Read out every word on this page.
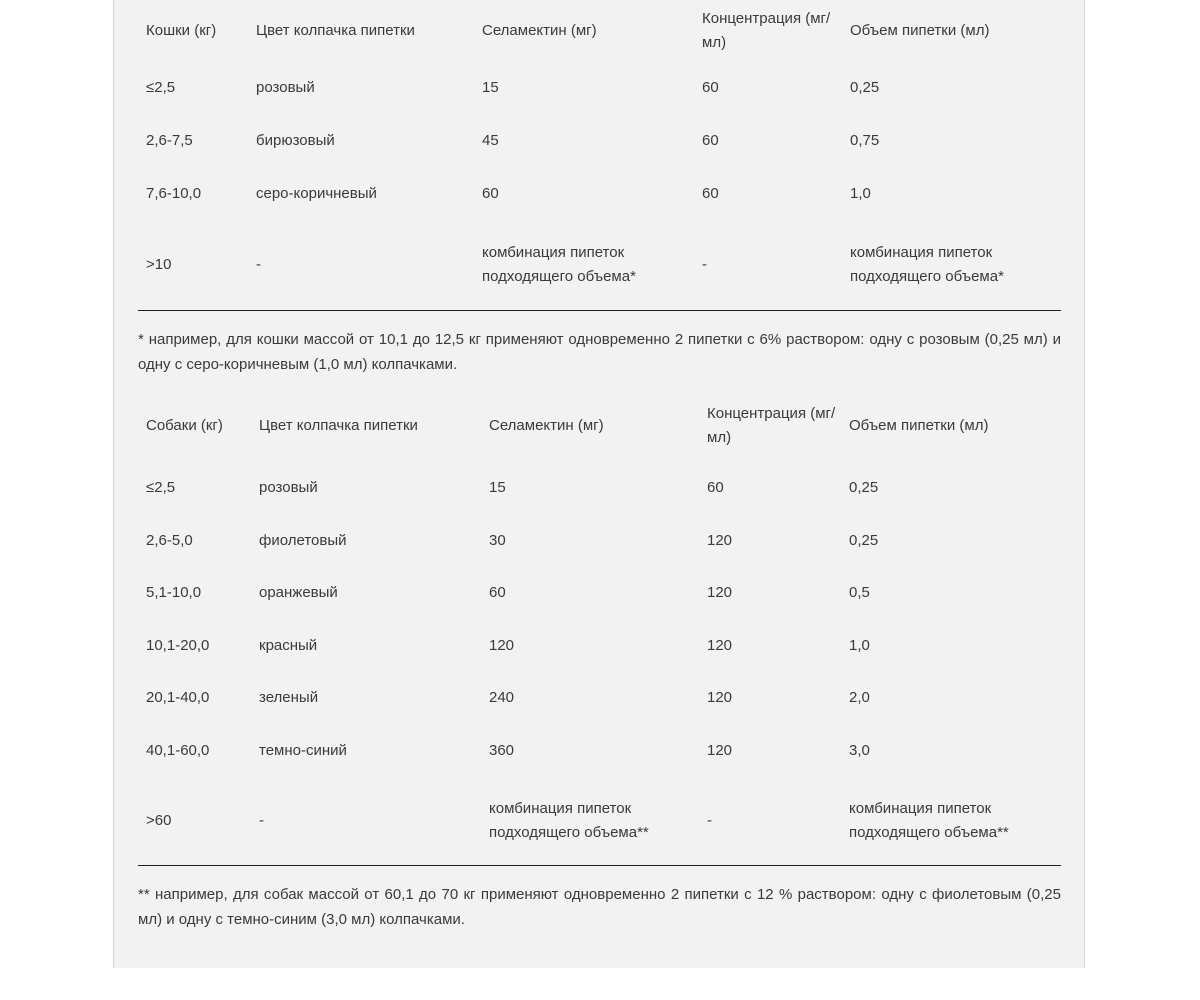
Кошки (кг)	Цвет колпачка пипетки	Селамектин (мг)	Концентрация (мг/мл)	Объем пипетки (мл)
≤2,5	розовый	15	60	0,25
2,6-7,5	бирюзовый	45	60	0,75
7,6-10,0	серо-коричневый	60	60	1,0
>10	-	комбинация пипеток подходящего объема*	-	комбинация пипеток подходящего объема*

* например, для кошки массой от 10,1 до 12,5 кг применяют одновременно 2 пипетки с 6% раствором: одну с розовым (0,25 мл) и одну с серо-коричневым (1,0 мл) колпачками.

Собаки (кг)	Цвет колпачка пипетки	Селамектин (мг)	Концентрация (мг/мл)	Объем пипетки (мл)
≤2,5	розовый	15	60	0,25
2,6-5,0	фиолетовый	30	120	0,25
5,1-10,0	оранжевый	60	120	0,5
10,1-20,0	красный	120	120	1,0
20,1-40,0	зеленый	240	120	2,0
40,1-60,0	темно-синий	360	120	3,0
>60	-	комбинация пипеток подходящего объема**	-	комбинация пипеток подходящего объема**

** например, для собак массой от 60,1 до 70 кг применяют одновременно 2 пипетки с 12 % раствором: одну с фиолетовым (0,25 мл) и одну с темно-синим (3,0 мл) колпачками.
